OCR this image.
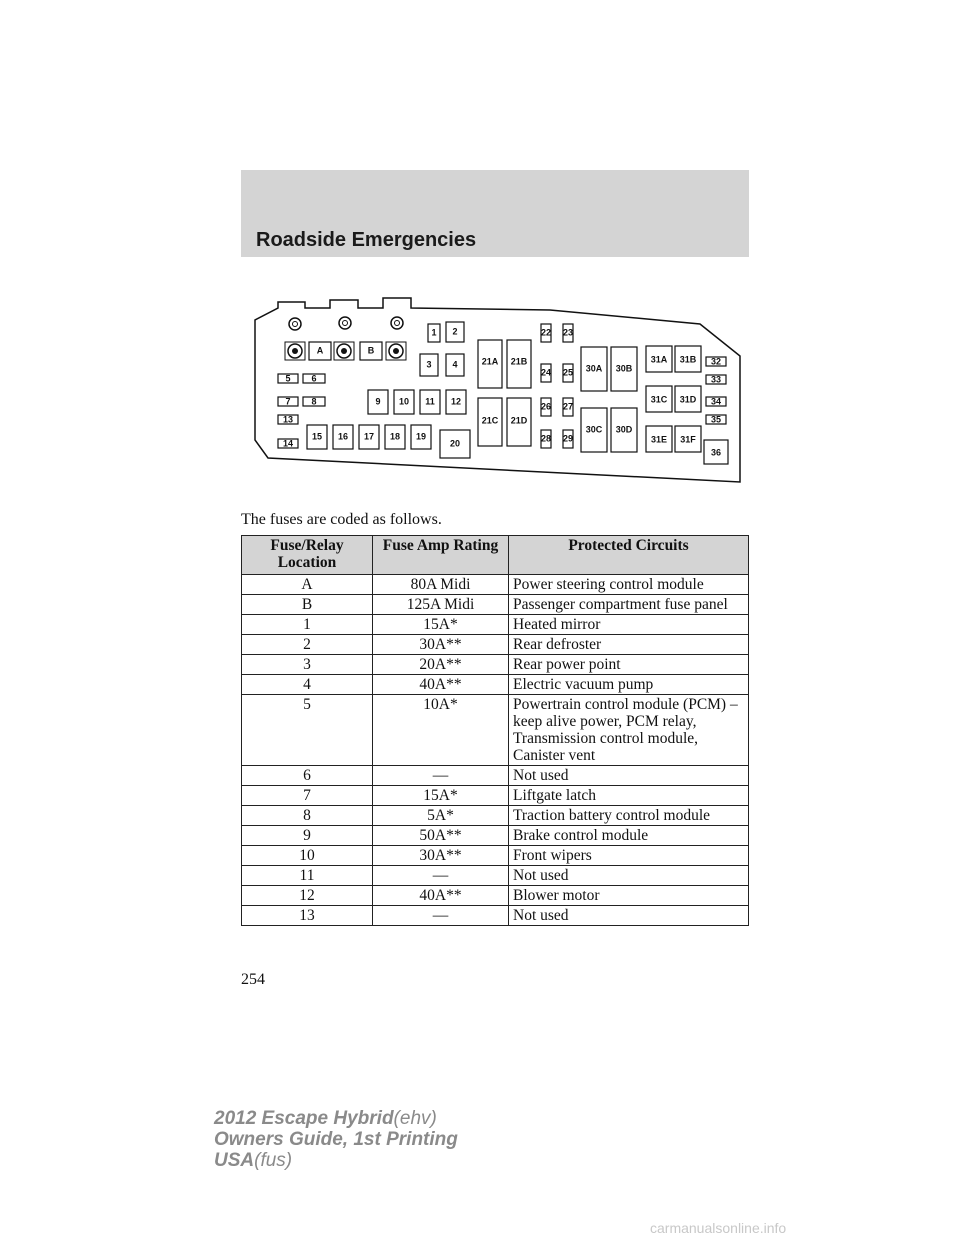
Roadside Emergencies
A	B
1 2
3 4
5 6
7 8
13
14
9 10 11 12
15 16 17 18 19
20
21A 21B
21C 21D
22 23
24 25
26 27
28 29
30A 30B
30C 30D
31A 31B
31C 31D
31E 31F
32
33
34
35
36
The fuses are coded as follows.
Fuse/Relay Location	Fuse Amp Rating	Protected Circuits
A	80A Midi	Power steering control module
B	125A Midi	Passenger compartment fuse panel
1	15A*	Heated mirror
2	30A**	Rear defroster
3	20A**	Rear power point
4	40A**	Electric vacuum pump
5	10A*	Powertrain control module (PCM) – keep alive power, PCM relay, Transmission control module, Canister vent
6	—	Not used
7	15A*	Liftgate latch
8	5A*	Traction battery control module
9	50A**	Brake control module
10	30A**	Front wipers
11	—	Not used
12	40A**	Blower motor
13	—	Not used
254
2012 Escape Hybrid(ehv)
Owners Guide, 1st Printing
USA(fus)
carmanualsonline.info
